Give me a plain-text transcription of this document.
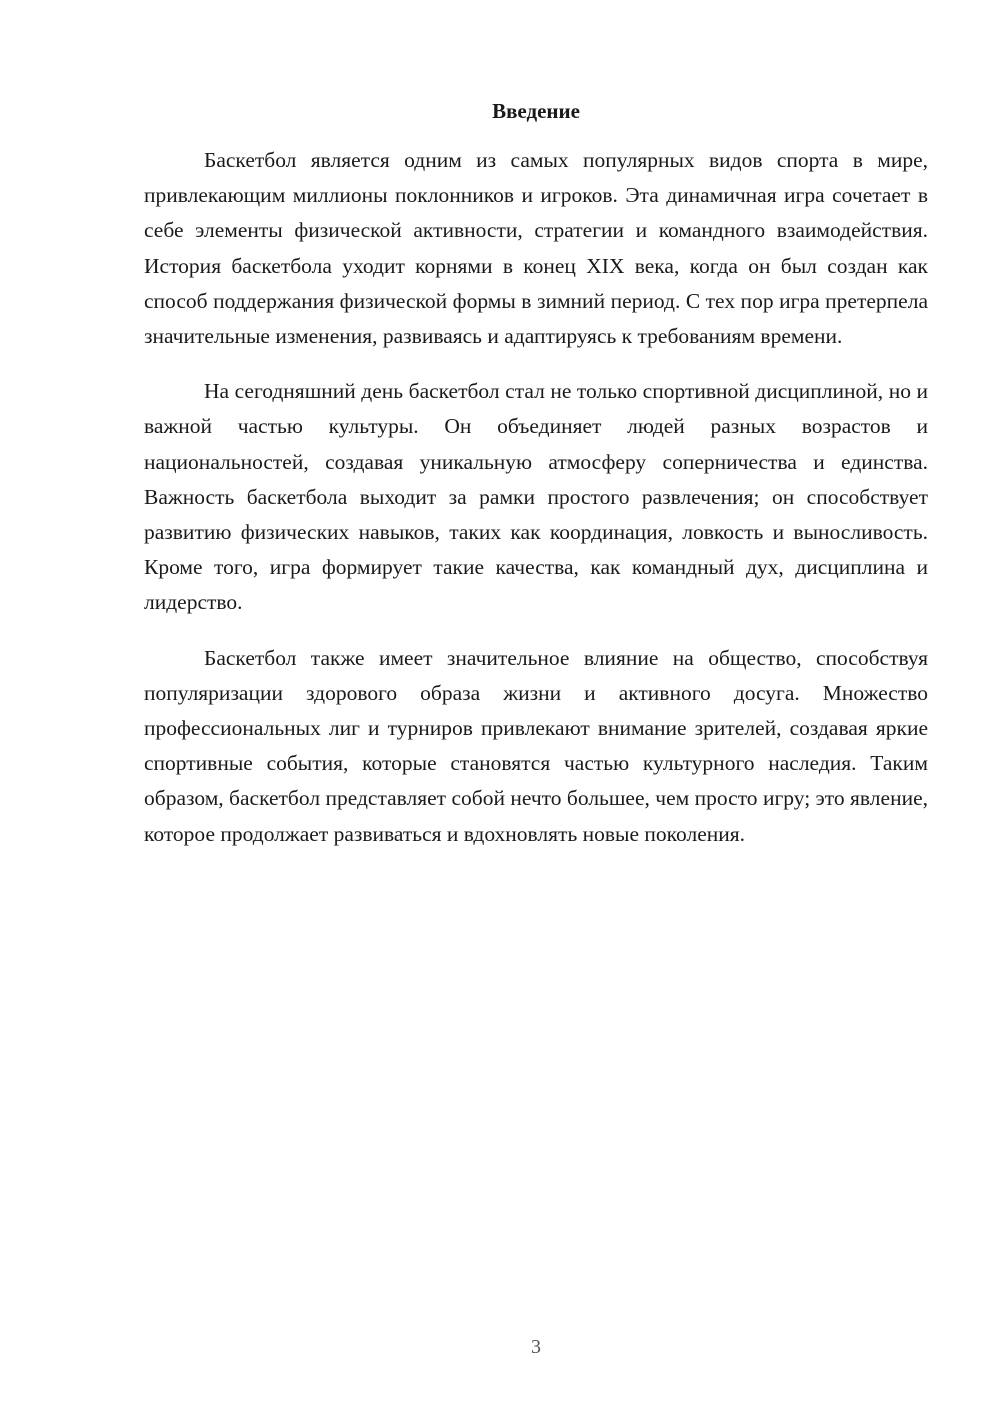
Введение

Баскетбол является одним из самых популярных видов спорта в мире, привлекающим миллионы поклонников и игроков. Эта динамичная игра сочетает в себе элементы физической активности, стратегии и командного взаимодействия. История баскетбола уходит корнями в конец XIX века, когда он был создан как способ поддержания физической формы в зимний период. С тех пор игра претерпела значительные изменения, развиваясь и адаптируясь к требованиям времени.

На сегодняшний день баскетбол стал не только спортивной дисциплиной, но и важной частью культуры. Он объединяет людей разных возрастов и национальностей, создавая уникальную атмосферу соперничества и единства. Важность баскетбола выходит за рамки простого развлечения; он способствует развитию физических навыков, таких как координация, ловкость и выносливость. Кроме того, игра формирует такие качества, как командный дух, дисциплина и лидерство.

Баскетбол также имеет значительное влияние на общество, способствуя популяризации здорового образа жизни и активного досуга. Множество профессиональных лиг и турниров привлекают внимание зрителей, создавая яркие спортивные события, которые становятся частью культурного наследия. Таким образом, баскетбол представляет собой нечто большее, чем просто игру; это явление, которое продолжает развиваться и вдохновлять новые поколения.

3
